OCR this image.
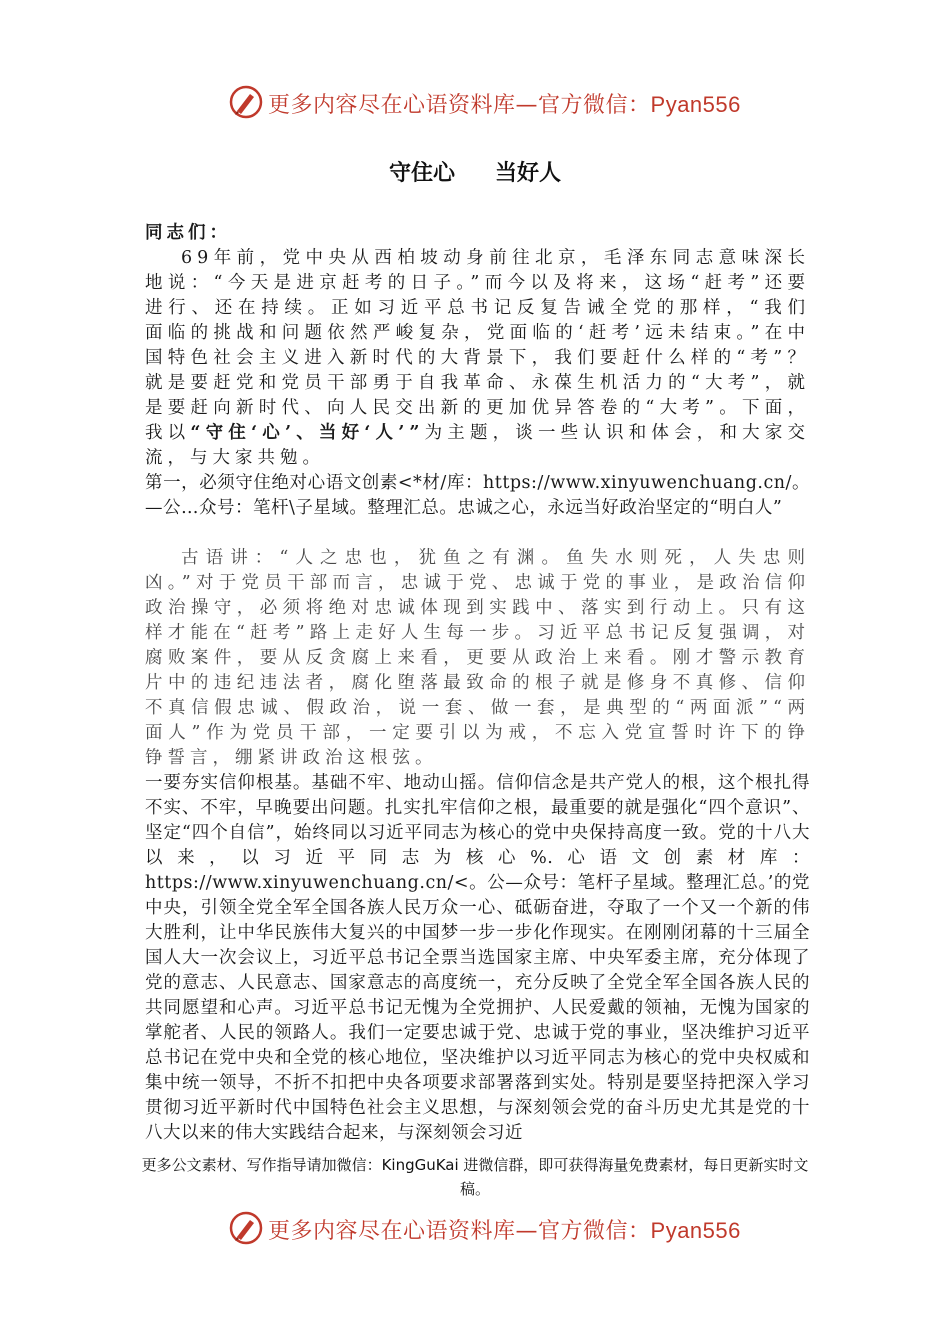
更多内容尽在心语资料库—官方微信：Pyan556
守住心 当好人

同志们：

69年前，党中央从西柏坡动身前往北京，毛泽东同志意味深长地说：“今天是进京赶考的日子。”而今以及将来，这场“赶考”还要进行、还在持续。正如习近平总书记反复告诫全党的那样，“我们面临的挑战和问题依然严峻复杂，党面临的‘赶考’远未结束。”在中国特色社会主义进入新时代的大背景下，我们要赶什么样的“考”？就是要赶党和党员干部勇于自我革命、永葆生机活力的“大考”，就是要赶向新时代、向人民交出新的更加优异答卷的“大考”。下面，我以“守住‘心’、当好‘人’”为主题，谈一些认识和体会，和大家交流，与大家共勉。

第一，必须守住绝对心语文创素<*材/库：https://www.xinyuwenchuang.cn/。—公…众号：笔杆\子星域。整理汇总。忠诚之心，永远当好政治坚定的“明白人”

古语讲：“人之忠也，犹鱼之有渊。鱼失水则死，人失忠则凶。”对于党员干部而言，忠诚于党、忠诚于党的事业，是政治信仰政治操守，必须将绝对忠诚体现到实践中、落实到行动上。只有这样才能在“赶考”路上走好人生每一步。习近平总书记反复强调，对腐败案件，要从反贪腐上来看，更要从政治上来看。刚才警示教育片中的违纪违法者，腐化堕落最致命的根子就是修身不真修、信仰不真信假忠诚、假政治，说一套、做一套，是典型的“两面派”“两面人”作为党员干部，一定要引以为戒，不忘入党宣誓时许下的铮铮誓言，绷紧讲政治这根弦。

一要夯实信仰根基。基础不牢、地动山摇。信仰信念是共产党人的根，这个根扎得不实、不牢，早晚要出问题。扎实扎牢信仰之根，最重要的就是强化“四个意识”、坚定“四个自信”，始终同以习近平同志为核心的党中央保持高度一致。党的十八大以来，以习近平同志为核心%.心语文创素材库：https://www.xinyuwenchuang.cn/<。公—众号：笔杆子星域。整理汇总。’的党中央，引领全党全军全国各族人民万众一心、砥砺奋进，夺取了一个又一个新的伟大胜利，让中华民族伟大复兴的中国梦一步一步化作现实。在刚刚闭幕的十三届全国人大一次会议上，习近平总书记全票当选国家主席、中央军委主席，充分体现了党的意志、人民意志、国家意志的高度统一，充分反映了全党全军全国各族人民的共同愿望和心声。习近平总书记无愧为全党拥护、人民爱戴的领袖，无愧为国家的掌舵者、人民的领路人。我们一定要忠诚于党、忠诚于党的事业，坚决维护习近平总书记在党中央和全党的核心地位，坚决维护以习近平同志为核心的党中央权威和集中统一领导，不折不扣把中央各项要求部署落到实处。特别是要坚持把深入学习贯彻习近平新时代中国特色社会主义思想，与深刻领会党的奋斗历史尤其是党的十八大以来的伟大实践结合起来，与深刻领会习近

更多公文素材、写作指导请加微信：KingGuKai 进微信群，即可获得海量免费素材，每日更新实时文稿。
更多内容尽在心语资料库—官方微信：Pyan556
